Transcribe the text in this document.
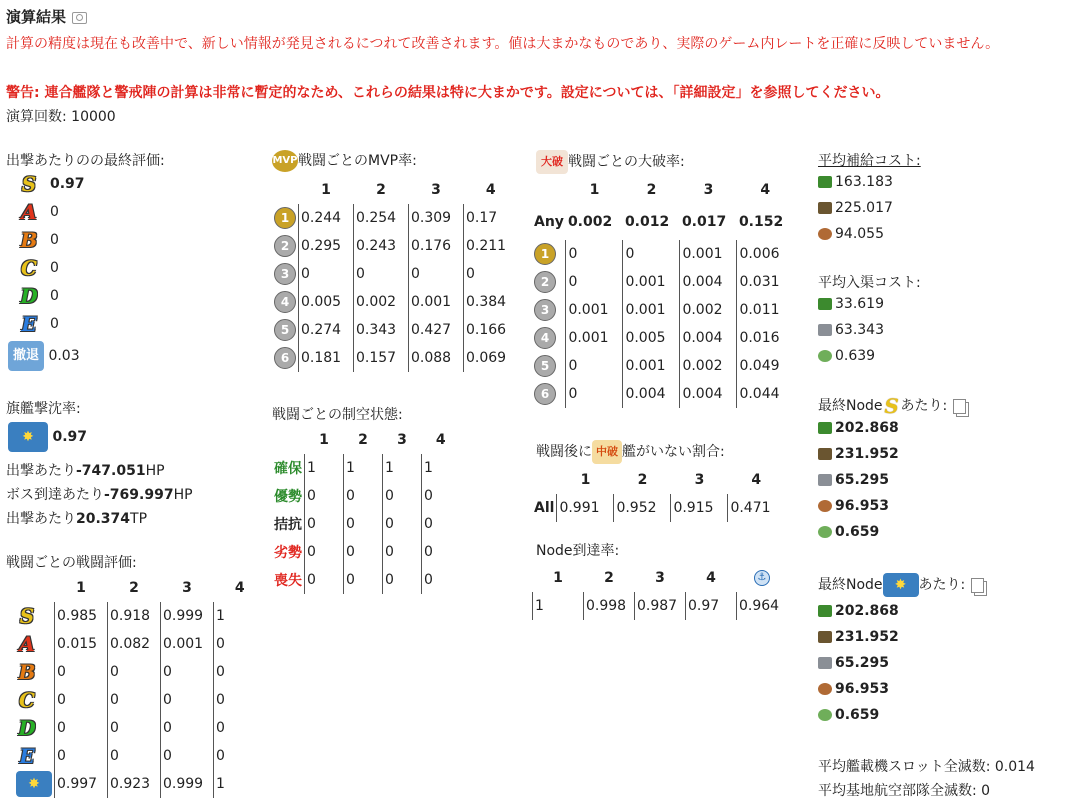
演算結果
計算の精度は現在も改善中で、新しい情報が発見されるにつれて改善されます。値は大まかなものであり、実際のゲーム内レートを正確に反映していません。
警告: 連合艦隊と警戒陣の計算は非常に暫定的なため、これらの結果は特に大まかです。設定については、「詳細設定」を参照してください。
演算回数: 10000
出撃あたりのの最終評価:
S 0.97
A 0
B 0
C 0
D 0
E 0
撤退 0.03
旗艦撃沈率:
✸ 0.97
出撃あたり-747.051HP
ボス到達あたり-769.997HP
出撃あたり20.374TP
戦闘ごとの戦闘評価:
	1	2	3	4
S	0.985	0.918	0.999	1
A	0.015	0.082	0.001	0
B	0	0	0	0
C	0	0	0	0
D	0	0	0	0
E	0	0	0	0
✸	0.997	0.923	0.999	1
MVP戦闘ごとのMVP率:
	1	2	3	4
1	0.244	0.254	0.309	0.17
2	0.295	0.243	0.176	0.211
3	0	0	0	0
4	0.005	0.002	0.001	0.384
5	0.274	0.343	0.427	0.166
6	0.181	0.157	0.088	0.069
戦闘ごとの制空状態:
	1	2	3	4
確保	1	1	1	1
優勢	0	0	0	0
拮抗	0	0	0	0
劣勢	0	0	0	0
喪失	0	0	0	0
大破 戦闘ごとの大破率:
	1	2	3	4
Any	0.002	0.012	0.017	0.152
1	0	0	0.001	0.006
2	0	0.001	0.004	0.031
3	0.001	0.001	0.002	0.011
4	0.001	0.005	0.004	0.016
5	0	0.001	0.002	0.049
6	0	0.004	0.004	0.044
戦闘後に 中破 艦がいない割合:
	1	2	3	4
All	0.991	0.952	0.915	0.471
Node到達率:
1	2	3	4	⚓
1	0.998	0.987	0.97	0.964
平均補給コスト:
163.183
225.017
94.055
平均入渠コスト:
33.619
63.343
0.639
最終NodeS あたり:
202.868
231.952
65.295
96.953
0.659
最終Node ✸ あたり:
202.868
231.952
65.295
96.953
0.659
平均艦載機スロット全滅数: 0.014
平均基地航空部隊全滅数: 0
